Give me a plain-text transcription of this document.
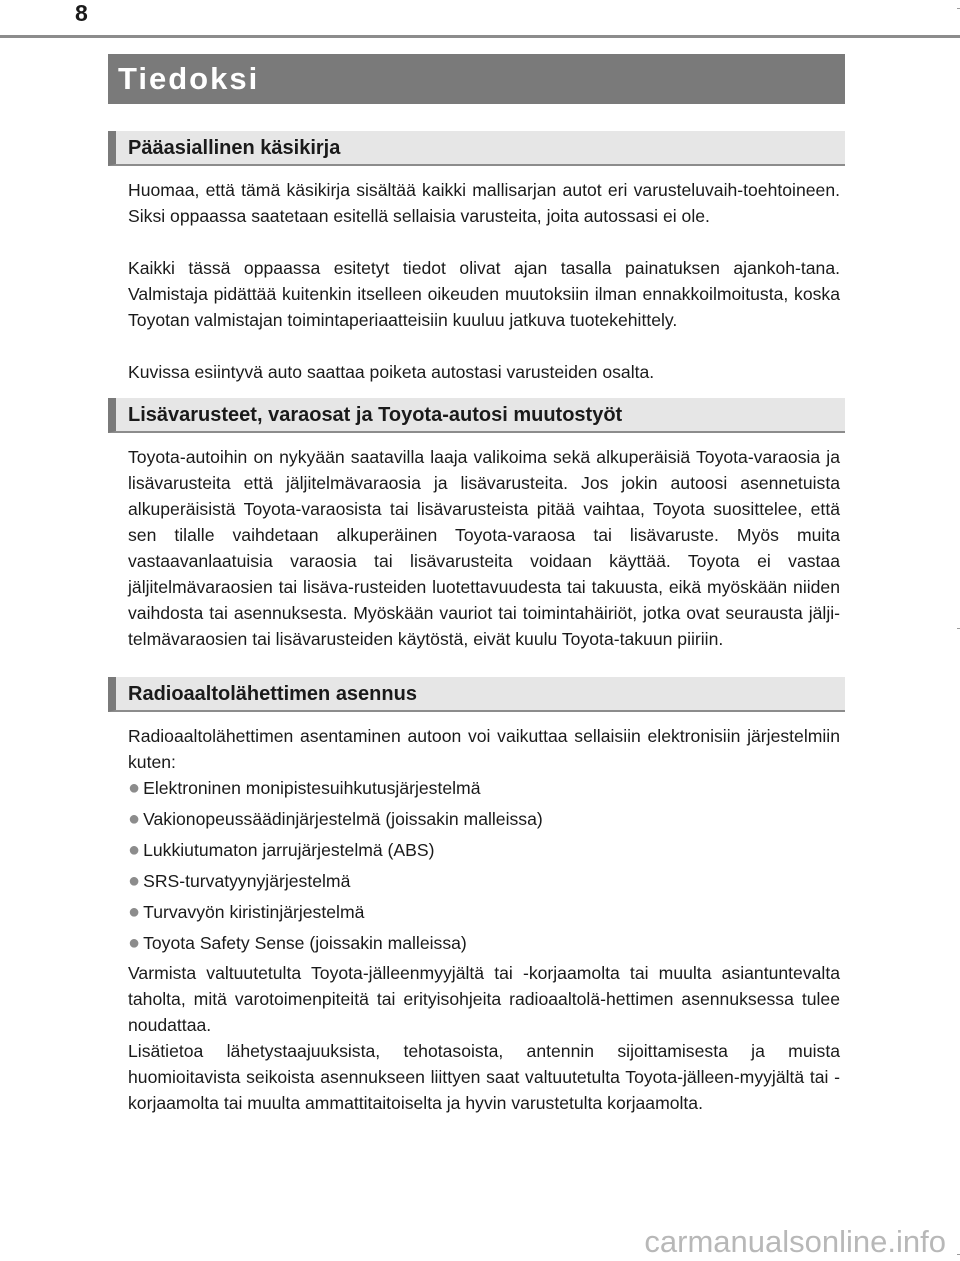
8
Tiedoksi
Pääasiallinen käsikirja

Huomaa, että tämä käsikirja sisältää kaikki mallisarjan autot eri varusteluvaih-toehtoineen. Siksi oppaassa saatetaan esitellä sellaisia varusteita, joita autossasi ei ole.

Kaikki tässä oppaassa esitetyt tiedot olivat ajan tasalla painatuksen ajankoh-tana. Valmistaja pidättää kuitenkin itselleen oikeuden muutoksiin ilman ennakkoilmoitusta, koska Toyotan valmistajan toimintaperiaatteisiin kuuluu jatkuva tuotekehittely.

Kuvissa esiintyvä auto saattaa poiketa autostasi varusteiden osalta.

Lisävarusteet, varaosat ja Toyota-autosi muutostyöt

Toyota-autoihin on nykyään saatavilla laaja valikoima sekä alkuperäisiä Toyota-varaosia ja lisävarusteita että jäljitelmävaraosia ja lisävarusteita. Jos jokin autoosi asennetuista alkuperäisistä Toyota-varaosista tai lisävarusteista pitää vaihtaa, Toyota suosittelee, että sen tilalle vaihdetaan alkuperäinen Toyota-varaosa tai lisävaruste. Myös muita vastaavanlaatuisia varaosia tai lisävarusteita voidaan käyttää. Toyota ei vastaa jäljitelmävaraosien tai lisäva-rusteiden luotettavuudesta tai takuusta, eikä myöskään niiden vaihdosta tai asennuksesta. Myöskään vauriot tai toimintahäiriöt, jotka ovat seurausta jälji-telmävaraosien tai lisävarusteiden käytöstä, eivät kuulu Toyota-takuun piiriin.

Radioaaltolähettimen asennus

Radioaaltolähettimen asentaminen autoon voi vaikuttaa sellaisiin elektronisiin järjestelmiin kuten:

● Elektroninen monipistesuihkutusjärjestelmä
● Vakionopeussäädinjärjestelmä (joissakin malleissa)
● Lukkiutumaton jarrujärjestelmä (ABS)
● SRS-turvatyynyjärjestelmä
● Turvavyön kiristinjärjestelmä
● Toyota Safety Sense (joissakin malleissa)

Varmista valtuutetulta Toyota-jälleenmyyjältä tai -korjaamolta tai muulta asiantuntevalta taholta, mitä varotoimenpiteitä tai erityisohjeita radioaaltolä-hettimen asennuksessa tulee noudattaa.

Lisätietoa lähetystaajuuksista, tehotasoista, antennin sijoittamisesta ja muista huomioitavista seikoista asennukseen liittyen saat valtuutetulta Toyota-jälleen-myyjältä tai -korjaamolta tai muulta ammattitaitoiselta ja hyvin varustetulta korjaamolta.

carmanualsonline.info
